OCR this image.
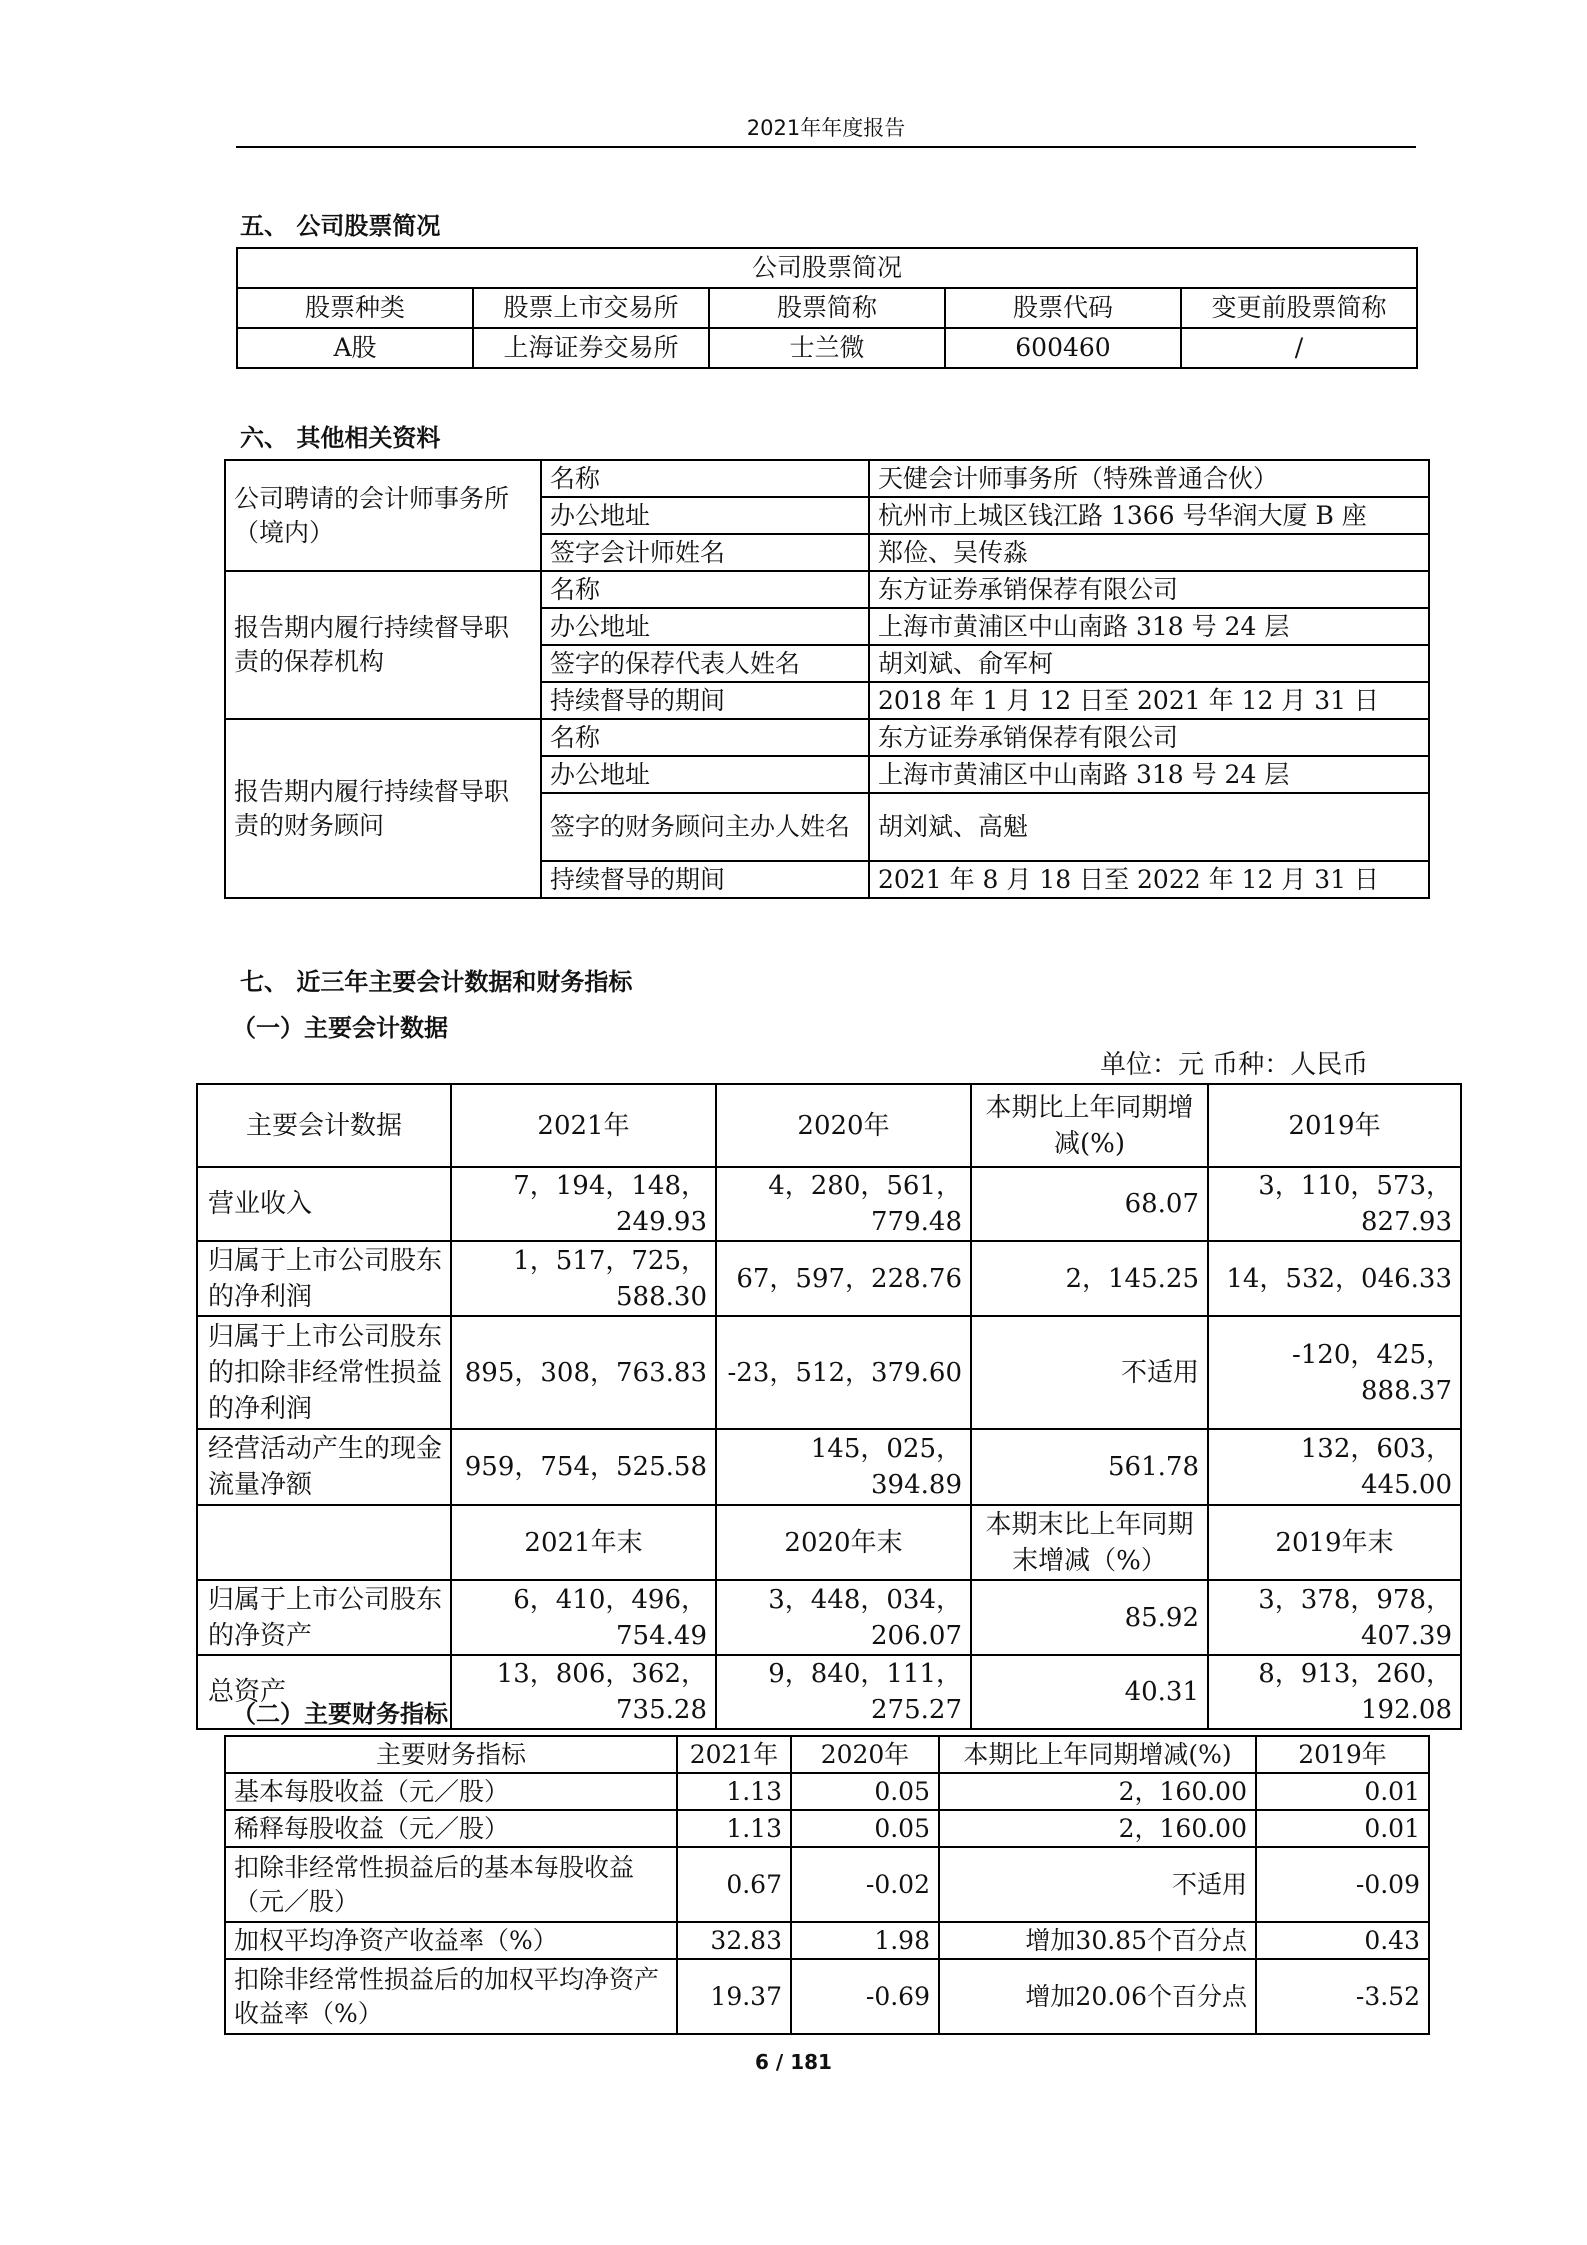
2021年年度报告
五、 公司股票简况
公司股票简况				
股票种类	股票上市交易所	股票简称	股票代码	变更前股票简称
A股	上海证券交易所	士兰微	600460	/
六、 其他相关资料
公司聘请的会计师事务所（境内）	名称	天健会计师事务所（特殊普通合伙）
	办公地址	杭州市上城区钱江路 1366 号华润大厦 B 座
	签字会计师姓名	郑俭、吴传淼
报告期内履行持续督导职责的保荐机构	名称	东方证券承销保荐有限公司
	办公地址	上海市黄浦区中山南路 318 号 24 层
	签字的保荐代表人姓名	胡刘斌、俞军柯
	持续督导的期间	2018 年 1 月 12 日至 2021 年 12 月 31 日
报告期内履行持续督导职责的财务顾问	名称	东方证券承销保荐有限公司
	办公地址	上海市黄浦区中山南路 318 号 24 层
	签字的财务顾问主办人姓名	胡刘斌、高魁
	持续督导的期间	2021 年 8 月 18 日至 2022 年 12 月 31 日
七、 近三年主要会计数据和财务指标
（一）主要会计数据
单位：元 币种：人民币
主要会计数据	2021年	2020年	本期比上年同期增减(%)	2019年
营业收入	7，194，148，249.93	4，280，561，779.48	68.07	3，110，573，827.93
归属于上市公司股东的净利润	1，517，725，588.30	67，597，228.76	2，145.25	14，532，046.33
归属于上市公司股东的扣除非经常性损益的净利润	895，308，763.83	-23，512，379.60	不适用	-120，425，888.37
经营活动产生的现金流量净额	959，754，525.58	145，025，394.89	561.78	132，603，445.00
	2021年末	2020年末	本期末比上年同期末增减（%）	2019年末
归属于上市公司股东的净资产	6，410，496，754.49	3，448，034，206.07	85.92	3，378，978，407.39
总资产	13，806，362，735.28	9，840，111，275.27	40.31	8，913，260，192.08
（二）主要财务指标
主要财务指标	2021年	2020年	本期比上年同期增减(%)	2019年
基本每股收益（元／股）	1.13	0.05	2，160.00	0.01
稀释每股收益（元／股）	1.13	0.05	2，160.00	0.01
扣除非经常性损益后的基本每股收益（元／股）	0.67	-0.02	不适用	-0.09
加权平均净资产收益率（%）	32.83	1.98	增加30.85个百分点	0.43
扣除非经常性损益后的加权平均净资产收益率（%）	19.37	-0.69	增加20.06个百分点	-3.52
6 / 181
